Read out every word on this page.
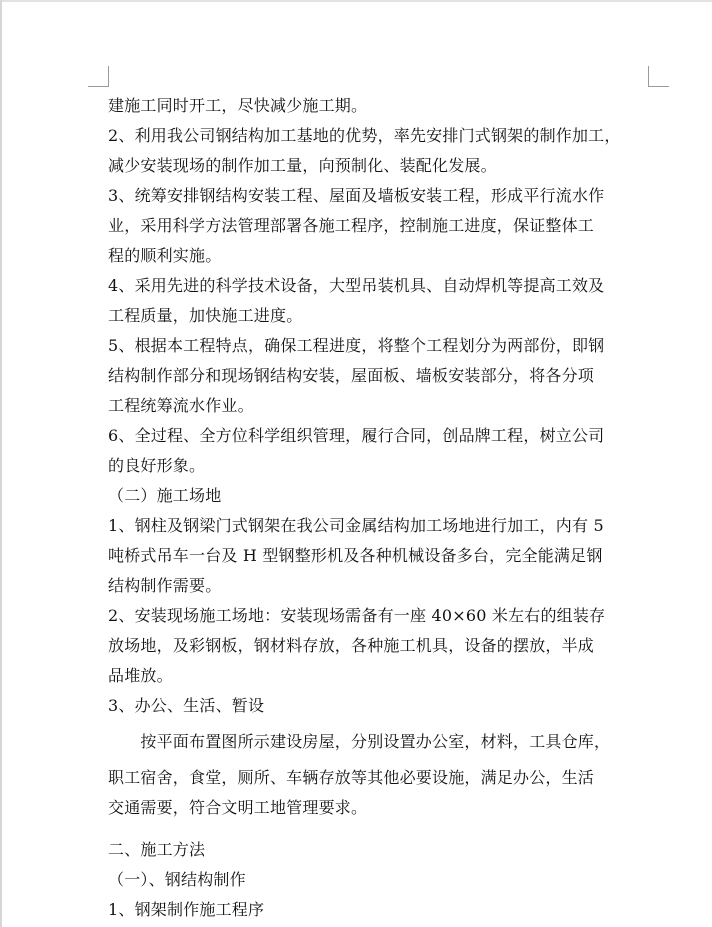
建施工同时开工，尽快减少施工期。
2、利用我公司钢结构加工基地的优势，率先安排门式钢架的制作加工，
减少安装现场的制作加工量，向预制化、装配化发展。
3、统筹安排钢结构安装工程、屋面及墙板安装工程，形成平行流水作
业，采用科学方法管理部署各施工程序，控制施工进度，保证整体工
程的顺利实施。
4、采用先进的科学技术设备，大型吊装机具、自动焊机等提高工效及
工程质量，加快施工进度。
5、根据本工程特点，确保工程进度，将整个工程划分为两部份，即钢
结构制作部分和现场钢结构安装，屋面板、墙板安装部分，将各分项
工程统筹流水作业。
6、全过程、全方位科学组织管理，履行合同，创品牌工程，树立公司
的良好形象。
（二）施工场地
1、钢柱及钢梁门式钢架在我公司金属结构加工场地进行加工，内有 5
吨桥式吊车一台及 H 型钢整形机及各种机械设备多台，完全能满足钢
结构制作需要。
2、安装现场施工场地：安装现场需备有一座 40×60 米左右的组装存
放场地，及彩钢板，钢材料存放，各种施工机具，设备的摆放，半成
品堆放。
3、办公、生活、暂设
　　按平面布置图所示建设房屋，分别设置办公室，材料，工具仓库，
职工宿舍，食堂，厕所、车辆存放等其他必要设施，满足办公，生活
交通需要，符合文明工地管理要求。
二、施工方法
（一）、钢结构制作
1、钢架制作施工程序
